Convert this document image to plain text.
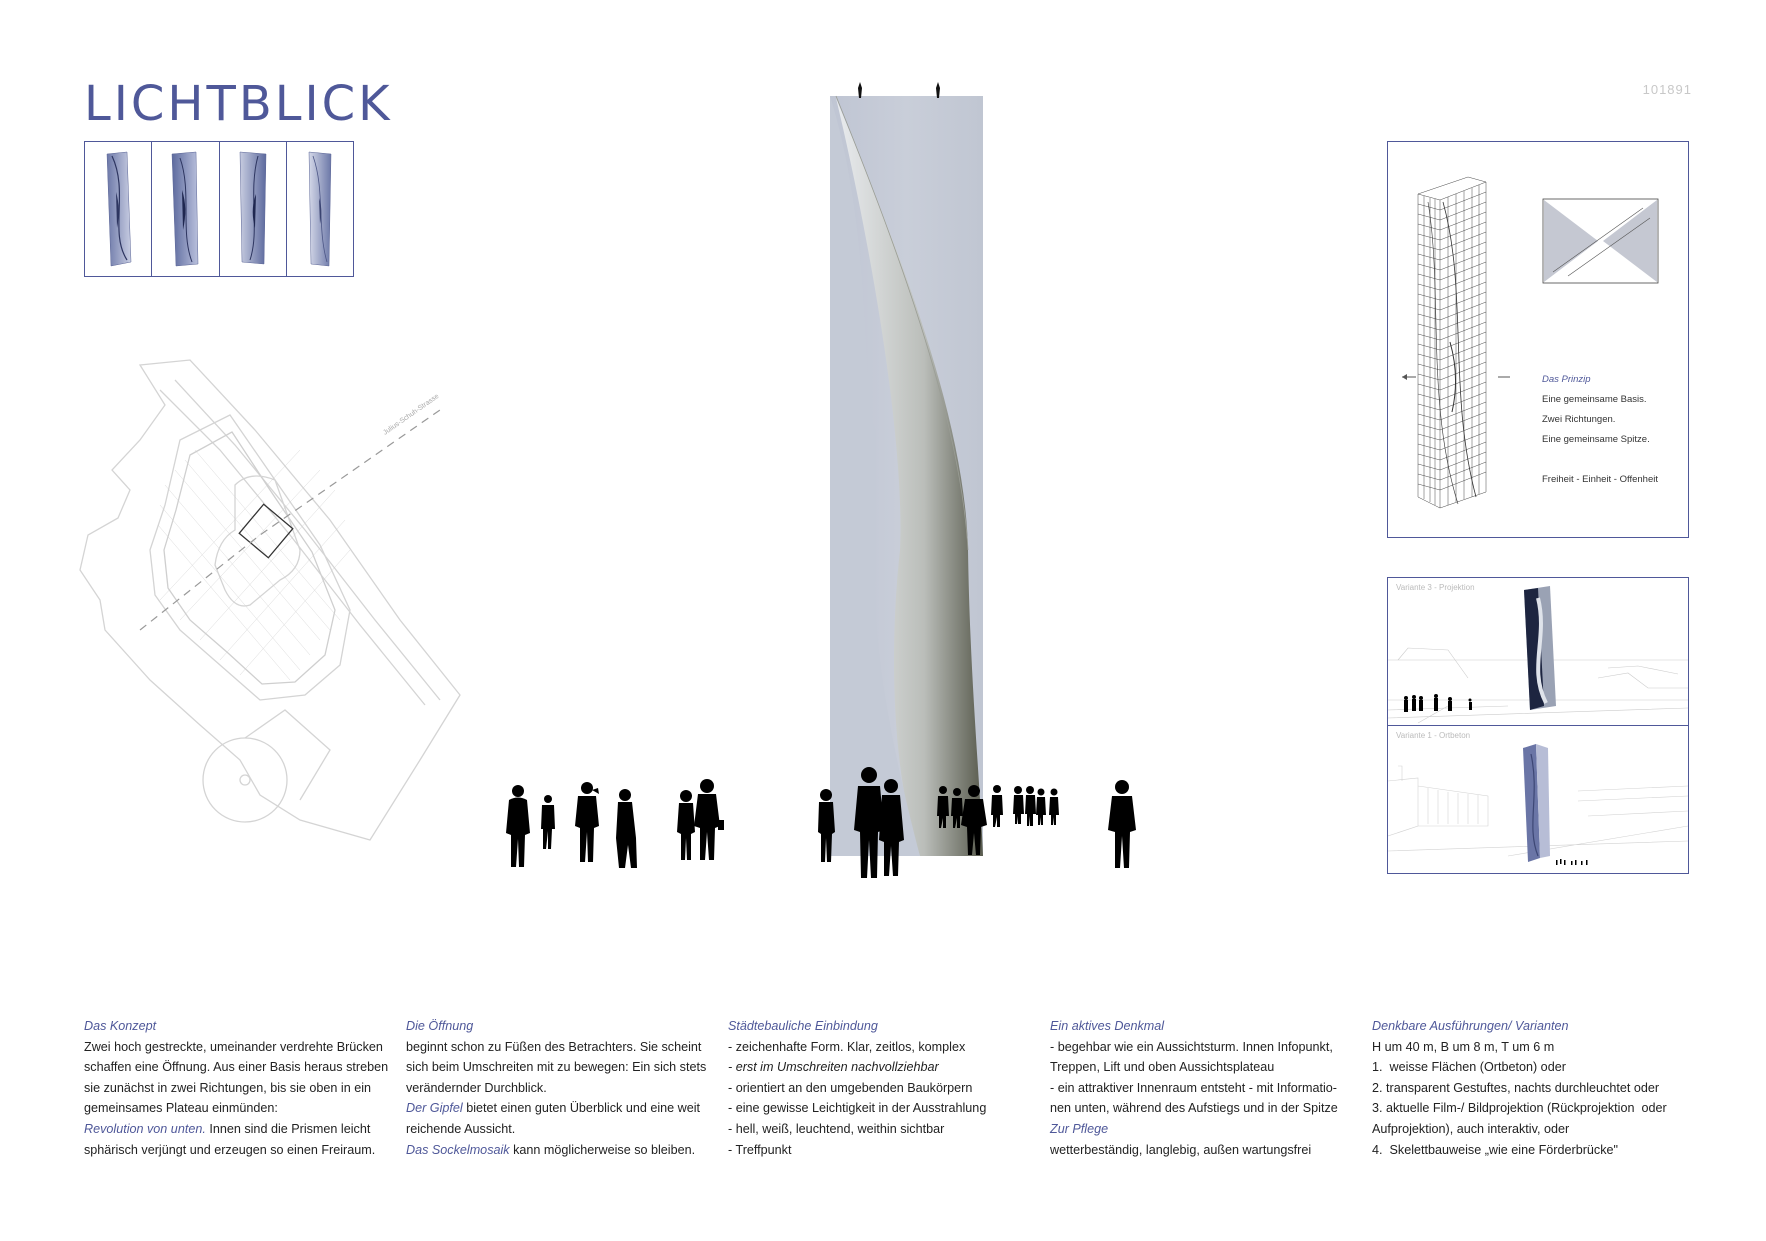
LICHTBLICK	101891
Julius-Schuh-Strasse
Das Prinzip
Eine gemeinsame Basis.
Zwei Richtungen.
Eine gemeinsame Spitze.
Freiheit - Einheit - Offenheit
Variante 3 - Projektion
Variante 1 - Ortbeton
Das Konzept
Zwei hoch gestreckte, umeinander verdrehte Brücken
schaffen eine Öffnung. Aus einer Basis heraus streben
sie zunächst in zwei Richtungen, bis sie oben in ein
gemeinsames Plateau einmünden:
Revolution von unten. Innen sind die Prismen leicht
sphärisch verjüngt und erzeugen so einen Freiraum.
Die Öffnung
beginnt schon zu Füßen des Betrachters. Sie scheint
sich beim Umschreiten mit zu bewegen: Ein sich stets
verändernder Durchblick.
Der Gipfel bietet einen guten Überblick und eine weit
reichende Aussicht.
Das Sockelmosaik kann möglicherweise so bleiben.
Städtebauliche Einbindung
- zeichenhafte Form. Klar, zeitlos, komplex
- erst im Umschreiten nachvollziehbar
- orientiert an den umgebenden Baukörpern
- eine gewisse Leichtigkeit in der Ausstrahlung
- hell, weiß, leuchtend, weithin sichtbar
- Treffpunkt
Ein aktives Denkmal
- begehbar wie ein Aussichtsturm. Innen Infopunkt,
Treppen, Lift und oben Aussichtsplateau
- ein attraktiver Innenraum entsteht - mit Informatio-
nen unten, während des Aufstiegs und in der Spitze
Zur Pflege
wetterbeständig, langlebig, außen wartungsfrei
Denkbare Ausführungen/ Varianten
H um 40 m, B um 8 m, T um 6 m
1.  weisse Flächen (Ortbeton) oder
2. transparent Gestuftes, nachts durchleuchtet oder
3. aktuelle Film-/ Bildprojektion (Rückprojektion  oder
Aufprojektion), auch interaktiv, oder
4.  Skelettbauweise „wie eine Förderbrücke"
